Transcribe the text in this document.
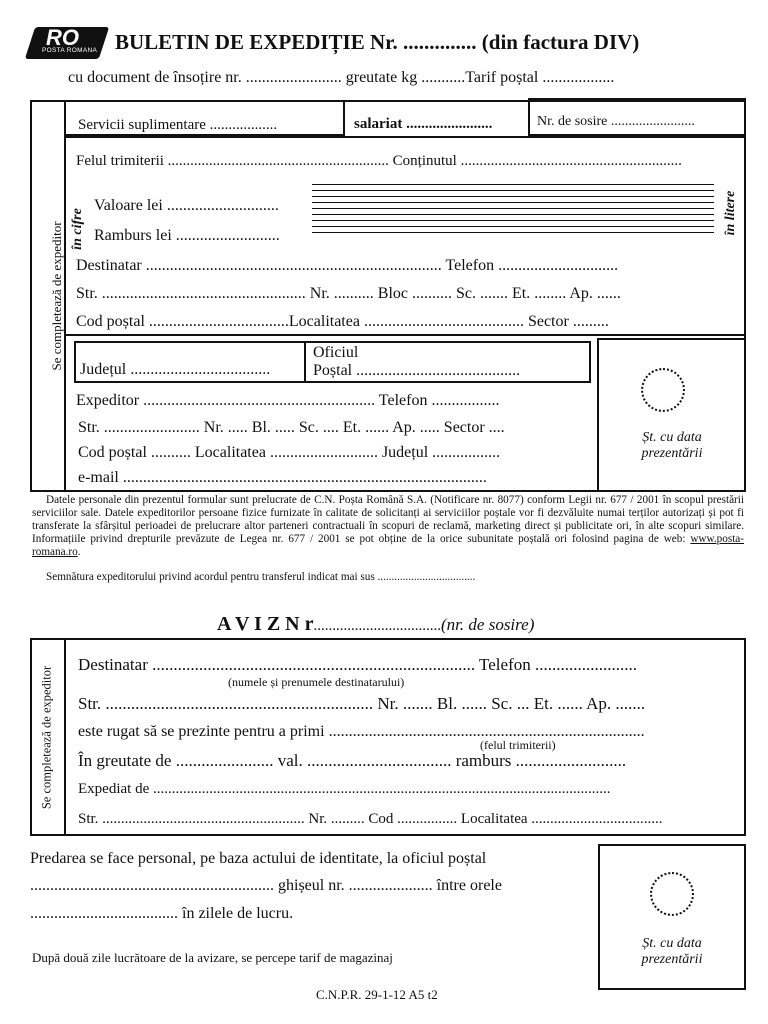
RO
POSTA ROMANA BULETIN DE EXPEDIȚIE Nr. .............. (din factura DIV)
cu document de însoțire nr. ........................ greutate kg ...........Tarif poștal ..................
Se completează de expeditor
Servicii suplimentare ..................	salariat .......................	Nr. de sosire ........................
Felul trimiterii ........................................................... Conținutul ...........................................................
în cifre
Valoare lei ............................
Ramburs lei ..........................
în litere
Destinatar .......................................................................... Telefon ..............................
Str. ................................................... Nr. .......... Bloc .......... Sc. ....... Et. ........ Ap. ......
Cod poștal ...................................Localitatea ........................................ Sector .........
Județul ...................................
Oficiul
Poștal .........................................
Șt. cu data
prezentării
Expeditor .......................................................... Telefon .................
Str. ........................ Nr. ..... Bl. ..... Sc. .... Et. ...... Ap. ..... Sector ....
Cod poștal .......... Localitatea ........................... Județul .................
e-mail ...........................................................................................
Datele personale din prezentul formular sunt prelucrate de C.N. Poșta Română S.A. (Notificare nr. 8077) conform Legii nr. 677 / 2001 în scopul prestării serviciilor sale. Datele expeditorilor persoane fizice furnizate în calitate de solicitanți ai serviciilor poștale vor fi dezvăluite numai terților autorizați și pot fi transferate la sfârșitul perioadei de prelucrare altor parteneri contractuali în scopuri de reclamă, marketing direct și publicitate ori, în alte scopuri similare. Informațiile privind drepturile prevăzute de Legea nr. 677 / 2001 se pot obține de la orice subunitate poștală ori folosind pagina de web: www.posta-romana.ro.
Semnătura expeditorului privind acordul pentru transferul indicat mai sus ...................................
A V I Z N r..................................(nr. de sosire)
Se completează de expeditor
Destinatar ............................................................................ Telefon ........................
(numele și prenumele destinatarului)
Str. ............................................................... Nr. ....... Bl. ...... Sc. ... Et. ...... Ap. .......
este rugat să se prezinte pentru a primi ...............................................................................
(felul trimiterii)
În greutate de ....................... val. .................................. ramburs ..........................
Expediat de ..........................................................................................................................
Str. ...................................................... Nr. ......... Cod ................ Localitatea ...................................
Predarea se face personal, pe baza actului de identitate, la oficiul poștal
............................................................. ghișeul nr. ..................... între orele
..................................... în zilele de lucru.
După două zile lucrătoare de la avizare, se percepe tarif de magazinaj
C.N.P.R. 29-1-12 A5 t2
Șt. cu data
prezentării
